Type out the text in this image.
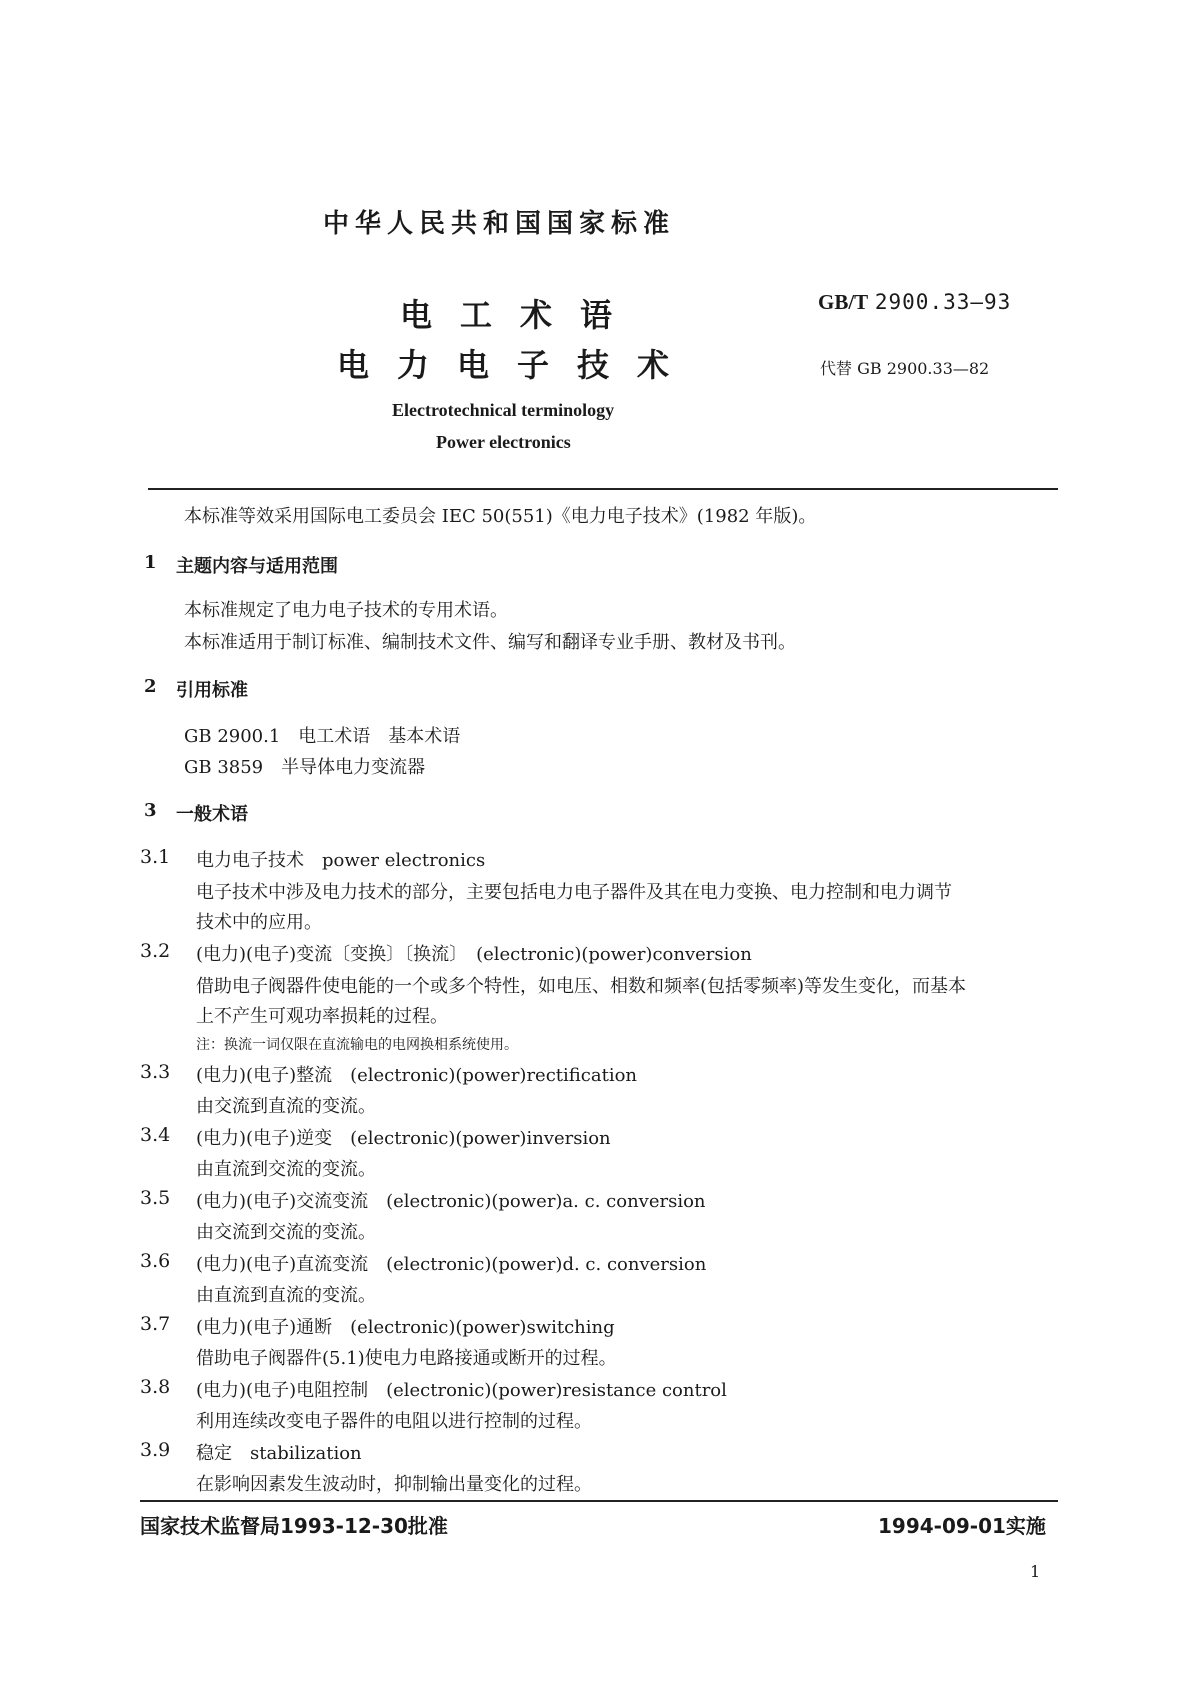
中华人民共和国国家标准
电工术语
电力电子技术
GB/T 2900.33—93
代替 GB 2900.33—82
Electrotechnical terminology
Power electronics
本标准等效采用国际电工委员会 IEC 50(551)《电力电子技术》(1982 年版)。
1 主题内容与适用范围
本标准规定了电力电子技术的专用术语。
本标准适用于制订标准、编制技术文件、编写和翻译专业手册、教材及书刊。
2 引用标准
GB 2900.1　电工术语　基本术语
GB 3859　半导体电力变流器
3 一般术语
3.1 电力电子技术　power electronics
电子技术中涉及电力技术的部分，主要包括电力电子器件及其在电力变换、电力控制和电力调节
技术中的应用。
3.2 (电力)(电子)变流〔变换〕〔换流〕　(electronic)(power)conversion
借助电子阀器件使电能的一个或多个特性，如电压、相数和频率(包括零频率)等发生变化，而基本
上不产生可观功率损耗的过程。
注：换流一词仅限在直流输电的电网换相系统使用。
3.3 (电力)(电子)整流　(electronic)(power)rectification
由交流到直流的变流。
3.4 (电力)(电子)逆变　(electronic)(power)inversion
由直流到交流的变流。
3.5 (电力)(电子)交流变流　(electronic)(power)a. c. conversion
由交流到交流的变流。
3.6 (电力)(电子)直流变流　(electronic)(power)d. c. conversion
由直流到直流的变流。
3.7 (电力)(电子)通断　(electronic)(power)switching
借助电子阀器件(5.1)使电力电路接通或断开的过程。
3.8 (电力)(电子)电阻控制　(electronic)(power)resistance control
利用连续改变电子器件的电阻以进行控制的过程。
3.9 稳定　stabilization
在影响因素发生波动时，抑制输出量变化的过程。
国家技术监督局1993-12-30批准	1994-09-01实施
1
